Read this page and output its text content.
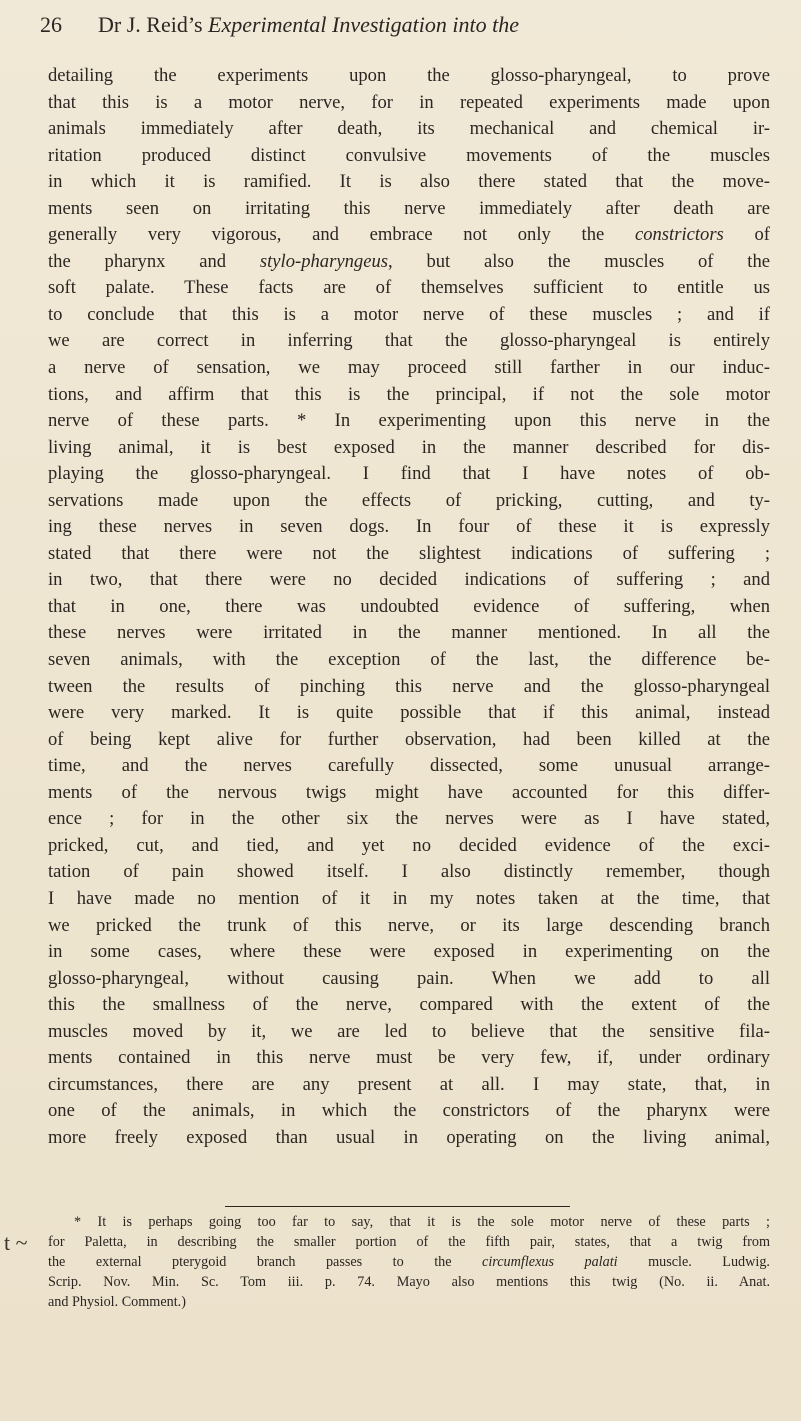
26 Dr J. Reid’s Experimental Investigation into the
detailing the experiments upon the glosso-pharyngeal, to prove
that this is a motor nerve, for in repeated experiments made upon
animals immediately after death, its mechanical and chemical ir-
ritation produced distinct convulsive movements of the muscles
in which it is ramified. It is also there stated that the move-
ments seen on irritating this nerve immediately after death are
generally very vigorous, and embrace not only the constrictors of
the pharynx and stylo-pharyngeus, but also the muscles of the
soft palate. These facts are of themselves sufficient to entitle us
to conclude that this is a motor nerve of these muscles ; and if
we are correct in inferring that the glosso-pharyngeal is entirely
a nerve of sensation, we may proceed still farther in our induc-
tions, and affirm that this is the principal, if not the sole motor
nerve of these parts. * In experimenting upon this nerve in the
living animal, it is best exposed in the manner described for dis-
playing the glosso-pharyngeal. I find that I have notes of ob-
servations made upon the effects of pricking, cutting, and ty-
ing these nerves in seven dogs. In four of these it is expressly
stated that there were not the slightest indications of suffering ;
in two, that there were no decided indications of suffering ; and
that in one, there was undoubted evidence of suffering, when
these nerves were irritated in the manner mentioned. In all the
seven animals, with the exception of the last, the difference be-
tween the results of pinching this nerve and the glosso-pharyngeal
were very marked. It is quite possible that if this animal, instead
of being kept alive for further observation, had been killed at the
time, and the nerves carefully dissected, some unusual arrange-
ments of the nervous twigs might have accounted for this differ-
ence ; for in the other six the nerves were as I have stated,
pricked, cut, and tied, and yet no decided evidence of the exci-
tation of pain showed itself. I also distinctly remember, though
I have made no mention of it in my notes taken at the time, that
we pricked the trunk of this nerve, or its large descending branch
in some cases, where these were exposed in experimenting on the
glosso-pharyngeal, without causing pain. When we add to all
this the smallness of the nerve, compared with the extent of the
muscles moved by it, we are led to believe that the sensitive fila-
ments contained in this nerve must be very few, if, under ordinary
circumstances, there are any present at all. I may state, that, in
one of the animals, in which the constrictors of the pharynx were
more freely exposed than usual in operating on the living animal,
t ~
* It is perhaps going too far to say, that it is the sole motor nerve of these parts ;
for Paletta, in describing the smaller portion of the fifth pair, states, that a twig from
the external pterygoid branch passes to the circumflexus palati muscle. Ludwig.
Scrip. Nov. Min. Sc. Tom iii. p. 74. Mayo also mentions this twig (No. ii. Anat.
and Physiol. Comment.)
